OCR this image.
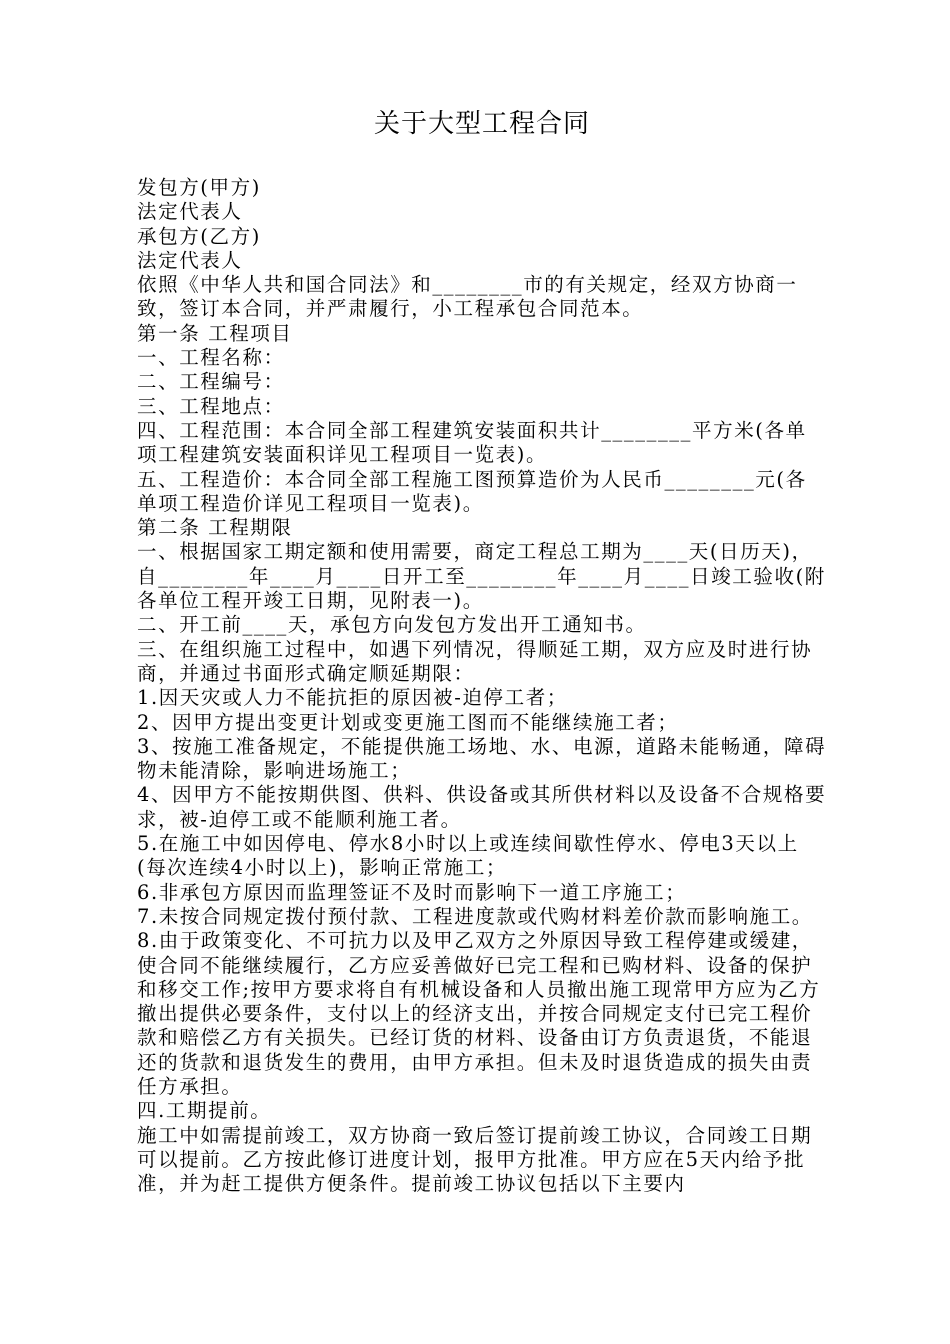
关于大型工程合同

发包方(甲方)

法定代表人

承包方(乙方)

法定代表人

依照《中华人共和国合同法》和________市的有关规定，经双方协商一致，签订本合同，并严肃履行，小工程承包合同范本。

第一条 工程项目

一、工程名称：

二、工程编号：

三、工程地点：

四、工程范围：本合同全部工程建筑安装面积共计________平方米(各单项工程建筑安装面积详见工程项目一览表)。

五、工程造价：本合同全部工程施工图预算造价为人民币________元(各单项工程造价详见工程项目一览表)。

第二条 工程期限

一、根据国家工期定额和使用需要，商定工程总工期为____天(日历天)，自________年____月____日开工至________年____月____日竣工验收(附各单位工程开竣工日期，见附表一)。

二、开工前____天，承包方向发包方发出开工通知书。

三、在组织施工过程中，如遇下列情况，得顺延工期，双方应及时进行协商，并通过书面形式确定顺延期限：

1.因天灾或人力不能抗拒的原因被-迫停工者；

2、因甲方提出变更计划或变更施工图而不能继续施工者；

3、按施工准备规定，不能提供施工场地、水、电源，道路未能畅通，障碍物未能清除，影响进场施工；

4、因甲方不能按期供图、供料、供设备或其所供材料以及设备不合规格要求，被-迫停工或不能顺利施工者。

5.在施工中如因停电、停水8小时以上或连续间歇性停水、停电3天以上(每次连续4小时以上)，影响正常施工；

6.非承包方原因而监理签证不及时而影响下一道工序施工；

7.未按合同规定拨付预付款、工程进度款或代购材料差价款而影响施工。

8.由于政策变化、不可抗力以及甲乙双方之外原因导致工程停建或缓建，使合同不能继续履行，乙方应妥善做好已完工程和已购材料、设备的保护和移交工作;按甲方要求将自有机械设备和人员撤出施工现常甲方应为乙方撤出提供必要条件，支付以上的经济支出，并按合同规定支付已完工程价款和赔偿乙方有关损失。已经订货的材料、设备由订方负责退货，不能退还的货款和退货发生的费用，由甲方承担。但未及时退货造成的损失由责任方承担。

四.工期提前。

施工中如需提前竣工，双方协商一致后签订提前竣工协议，合同竣工日期可以提前。乙方按此修订进度计划，报甲方批准。甲方应在5天内给予批准，并为赶工提供方便条件。提前竣工协议包括以下主要内
